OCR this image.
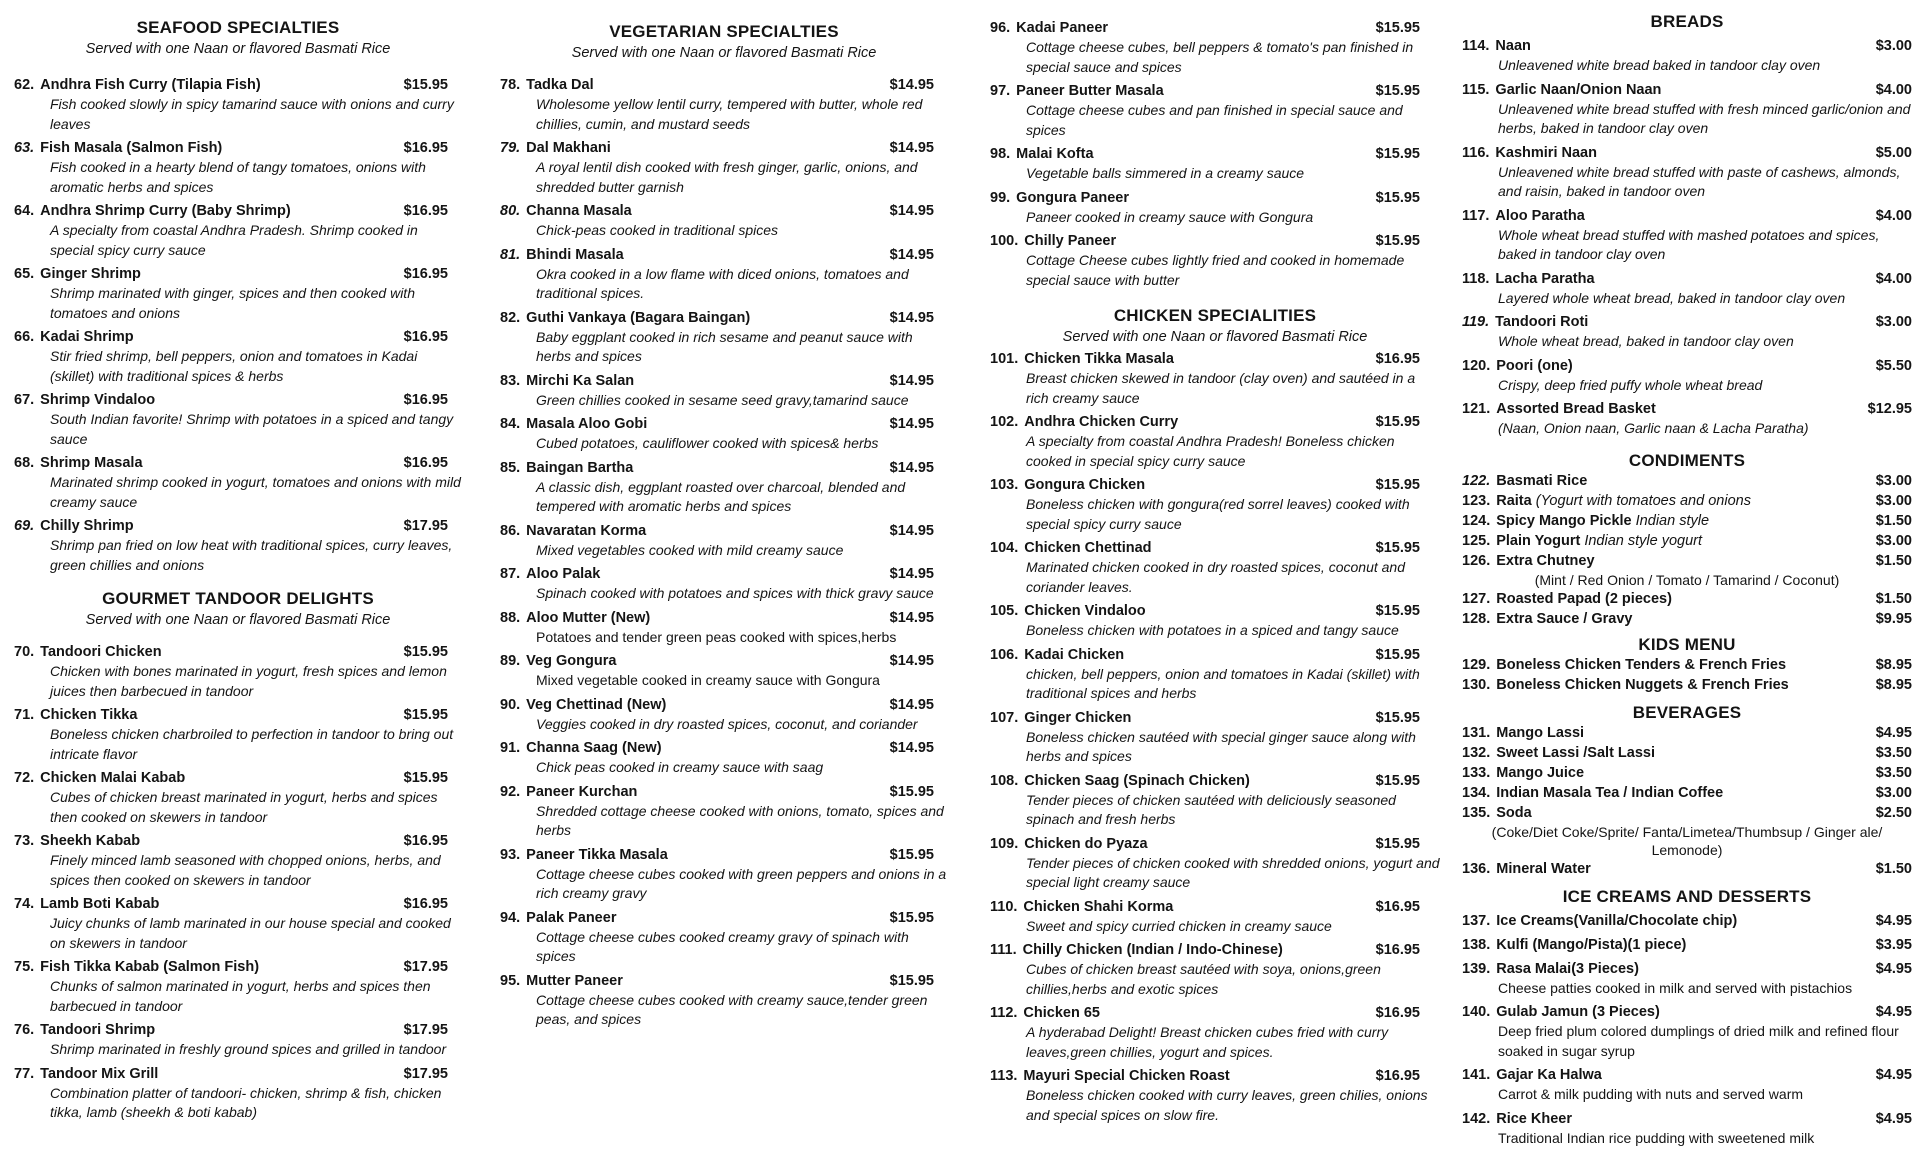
SEAFOOD SPECIALTIES
Served with one Naan or flavored Basmati Rice
62. Andhra Fish Curry (Tilapia Fish)	$15.95
Fish cooked slowly in spicy tamarind sauce with onions and curry leaves
63. Fish Masala (Salmon Fish)	$16.95
Fish cooked in a hearty blend of tangy tomatoes, onions with aromatic herbs and spices
64. Andhra Shrimp Curry (Baby Shrimp)	$16.95
A specialty from coastal Andhra Pradesh. Shrimp cooked in special spicy curry sauce
65. Ginger Shrimp	$16.95
Shrimp marinated with ginger, spices and then cooked with tomatoes and onions
66. Kadai Shrimp	$16.95
Stir fried shrimp, bell peppers, onion and tomatoes in Kadai (skillet) with traditional spices & herbs
67. Shrimp Vindaloo	$16.95
South Indian favorite! Shrimp with potatoes in a spiced and tangy sauce
68. Shrimp Masala	$16.95
Marinated shrimp cooked in yogurt, tomatoes and onions with mild creamy sauce
69. Chilly Shrimp	$17.95
Shrimp pan fried on low heat with traditional spices, curry leaves, green chillies and onions
GOURMET TANDOOR DELIGHTS
Served with one Naan or flavored Basmati Rice
70. Tandoori Chicken	$15.95
Chicken with bones marinated in yogurt, fresh spices and lemon juices then barbecued in tandoor
71. Chicken Tikka	$15.95
Boneless chicken charbroiled to perfection in tandoor to bring out intricate flavor
72. Chicken Malai Kabab	$15.95
Cubes of chicken breast marinated in yogurt, herbs and spices then cooked on skewers in tandoor
73. Sheekh Kabab	$16.95
Finely minced lamb seasoned with chopped onions, herbs, and spices then cooked on skewers in tandoor
74. Lamb Boti Kabab	$16.95
Juicy chunks of lamb marinated in our house special and cooked on skewers in tandoor
75. Fish Tikka Kabab (Salmon Fish)	$17.95
Chunks of salmon marinated in yogurt, herbs and spices then barbecued in tandoor
76. Tandoori Shrimp	$17.95
Shrimp marinated in freshly ground spices and grilled in tandoor
77. Tandoor Mix Grill	$17.95
Combination platter of tandoori- chicken, shrimp & fish, chicken tikka, lamb (sheekh & boti kabab)
VEGETARIAN SPECIALTIES
Served with one Naan or flavored Basmati Rice
78. Tadka Dal	$14.95
Wholesome yellow lentil curry, tempered with butter, whole red chillies, cumin, and mustard seeds
79. Dal Makhani	$14.95
A royal lentil dish cooked with fresh ginger, garlic, onions, and shredded butter garnish
80. Channa Masala	$14.95
Chick-peas cooked in traditional spices
81. Bhindi Masala	$14.95
Okra cooked in a low flame with diced onions, tomatoes and traditional spices.
82. Guthi Vankaya (Bagara Baingan)	$14.95
Baby eggplant cooked in rich sesame and peanut sauce with herbs and spices
83. Mirchi Ka Salan	$14.95
Green chillies cooked in sesame seed gravy,tamarind sauce
84. Masala Aloo Gobi	$14.95
Cubed potatoes, cauliflower cooked with spices& herbs
85. Baingan Bartha	$14.95
A classic dish, eggplant roasted over charcoal, blended and tempered with aromatic herbs and spices
86. Navaratan Korma	$14.95
Mixed vegetables cooked with mild creamy sauce
87. Aloo Palak	$14.95
Spinach cooked with potatoes and spices with thick gravy sauce
88. Aloo Mutter (New)	$14.95
Potatoes and tender green peas cooked with spices,herbs
89. Veg Gongura	$14.95
Mixed vegetable cooked in creamy sauce with Gongura
90. Veg Chettinad (New)	$14.95
Veggies cooked in dry roasted spices, coconut, and coriander
91. Channa Saag (New)	$14.95
Chick peas cooked in creamy sauce with saag
92. Paneer Kurchan	$15.95
Shredded cottage cheese cooked with onions, tomato, spices and herbs
93. Paneer Tikka Masala	$15.95
Cottage cheese cubes cooked with green peppers and onions in a rich creamy gravy
94. Palak Paneer	$15.95
Cottage cheese cubes cooked creamy gravy of spinach with spices
95. Mutter Paneer	$15.95
Cottage cheese cubes cooked with creamy sauce,tender green peas, and spices
96. Kadai Paneer	$15.95
Cottage cheese cubes, bell peppers & tomato's pan finished in special sauce and spices
97. Paneer Butter Masala	$15.95
Cottage cheese cubes and pan finished in special sauce and spices
98. Malai Kofta	$15.95
Vegetable balls simmered in a creamy sauce
99. Gongura Paneer	$15.95
Paneer cooked in creamy sauce with Gongura
100. Chilly Paneer	$15.95
Cottage Cheese cubes lightly fried and cooked in homemade special sauce with butter
CHICKEN SPECIALITIES
Served with one Naan or flavored Basmati Rice
101. Chicken Tikka Masala	$16.95
Breast chicken skewed in tandoor (clay oven) and sautéed in a rich creamy sauce
102. Andhra Chicken Curry	$15.95
A specialty from coastal Andhra Pradesh! Boneless chicken cooked in special spicy curry sauce
103. Gongura Chicken	$15.95
Boneless chicken with gongura(red sorrel leaves) cooked with special spicy curry sauce
104. Chicken Chettinad	$15.95
Marinated chicken cooked in dry roasted spices, coconut and coriander leaves.
105. Chicken Vindaloo	$15.95
Boneless chicken with potatoes in a spiced and tangy sauce
106. Kadai Chicken	$15.95
chicken, bell peppers, onion and tomatoes in Kadai (skillet) with traditional spices and herbs
107. Ginger Chicken	$15.95
Boneless chicken sautéed with special ginger sauce along with herbs and spices
108. Chicken Saag (Spinach Chicken)	$15.95
Tender pieces of chicken sautéed with deliciously seasoned spinach and fresh herbs
109. Chicken do Pyaza	$15.95
Tender pieces of chicken cooked with shredded onions, yogurt and special light creamy sauce
110. Chicken Shahi Korma	$16.95
Sweet and spicy curried chicken in creamy sauce
111. Chilly Chicken (Indian / Indo-Chinese)	$16.95
Cubes of chicken breast sautéed with soya, onions,green chillies,herbs and exotic spices
112. Chicken 65	$16.95
A hyderabad Delight! Breast chicken cubes fried with curry leaves,green chillies, yogurt and spices.
113. Mayuri Special Chicken Roast	$16.95
Boneless chicken cooked with curry leaves, green chilies, onions and special spices on slow fire.
BREADS
114. Naan	$3.00
Unleavened white bread baked in tandoor clay oven
115. Garlic Naan/Onion Naan	$4.00
Unleavened white bread stuffed with fresh minced garlic/onion and herbs, baked in tandoor clay oven
116. Kashmiri Naan	$5.00
Unleavened white bread stuffed with paste of cashews, almonds, and raisin, baked in tandoor oven
117. Aloo Paratha	$4.00
Whole wheat bread stuffed with mashed potatoes and spices, baked in tandoor clay oven
118. Lacha Paratha	$4.00
Layered whole wheat bread, baked in tandoor clay oven
119. Tandoori Roti	$3.00
Whole wheat bread, baked in tandoor clay oven
120. Poori (one)	$5.50
Crispy, deep fried puffy whole wheat bread
121. Assorted Bread Basket	$12.95
(Naan, Onion naan, Garlic naan & Lacha Paratha)
CONDIMENTS
122. Basmati Rice	$3.00
123. Raita (Yogurt with tomatoes and onions	$3.00
124. Spicy Mango Pickle Indian style	$1.50
125. Plain Yogurt Indian style yogurt	$3.00
126. Extra Chutney	$1.50
(Mint / Red Onion / Tomato / Tamarind / Coconut)
127. Roasted Papad (2 pieces)	$1.50
128. Extra Sauce / Gravy	$9.95
KIDS MENU
129. Boneless Chicken Tenders & French Fries	$8.95
130. Boneless Chicken Nuggets & French Fries	$8.95
BEVERAGES
131. Mango Lassi	$4.95
132. Sweet Lassi /Salt Lassi	$3.50
133. Mango Juice	$3.50
134. Indian Masala Tea / Indian Coffee	$3.00
135. Soda	$2.50
(Coke/Diet Coke/Sprite/ Fanta/Limetea/Thumbsup / Ginger ale/ Lemonode)
136. Mineral Water	$1.50
ICE CREAMS AND DESSERTS
137. Ice Creams(Vanilla/Chocolate chip)	$4.95
138. Kulfi (Mango/Pista)(1 piece)	$3.95
139. Rasa Malai(3 Pieces)	$4.95
Cheese patties cooked in milk and served with pistachios
140. Gulab Jamun (3 Pieces)	$4.95
Deep fried plum colored dumplings of dried milk and refined flour soaked in sugar syrup
141. Gajar Ka Halwa	$4.95
Carrot & milk pudding with nuts and served warm
142. Rice Kheer	$4.95
Traditional Indian rice pudding with sweetened milk
